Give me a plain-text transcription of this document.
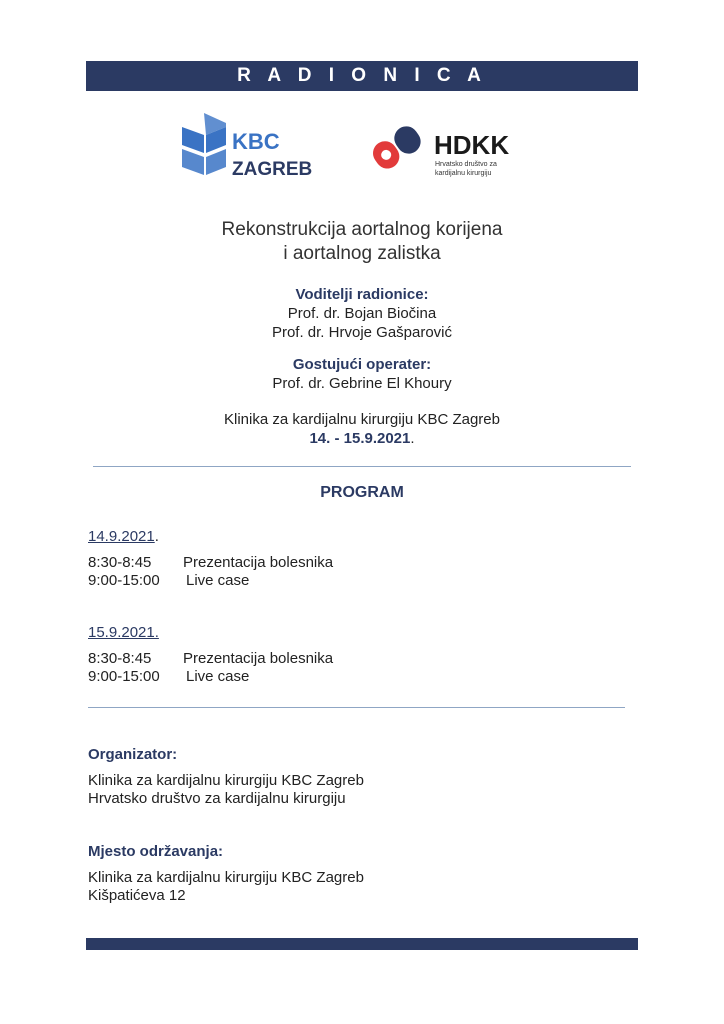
R A D I O N I C A
KBC
ZAGREB
HDKK
Hrvatsko društvo za
kardijalnu kirurgiju
Rekonstrukcija aortalnog korijena
i aortalnog zalistka
Voditelji radionice:
Prof. dr. Bojan Biočina
Prof. dr. Hrvoje Gašparović
Gostujući operater:
Prof. dr. Gebrine El Khoury
Klinika za kardijalnu kirurgiju KBC Zagreb
14. - 15.9.2021.
PROGRAM
14.9.2021.
8:30-8:45	Prezentacija bolesnika
9:00-15:00	Live case
15.9.2021.
8:30-8:45	Prezentacija bolesnika
9:00-15:00	Live case
Organizator:
Klinika za kardijalnu kirurgiju KBC Zagreb
Hrvatsko društvo za kardijalnu kirurgiju
Mjesto održavanja:
Klinika za kardijalnu kirurgiju KBC Zagreb
Kišpatićeva 12
